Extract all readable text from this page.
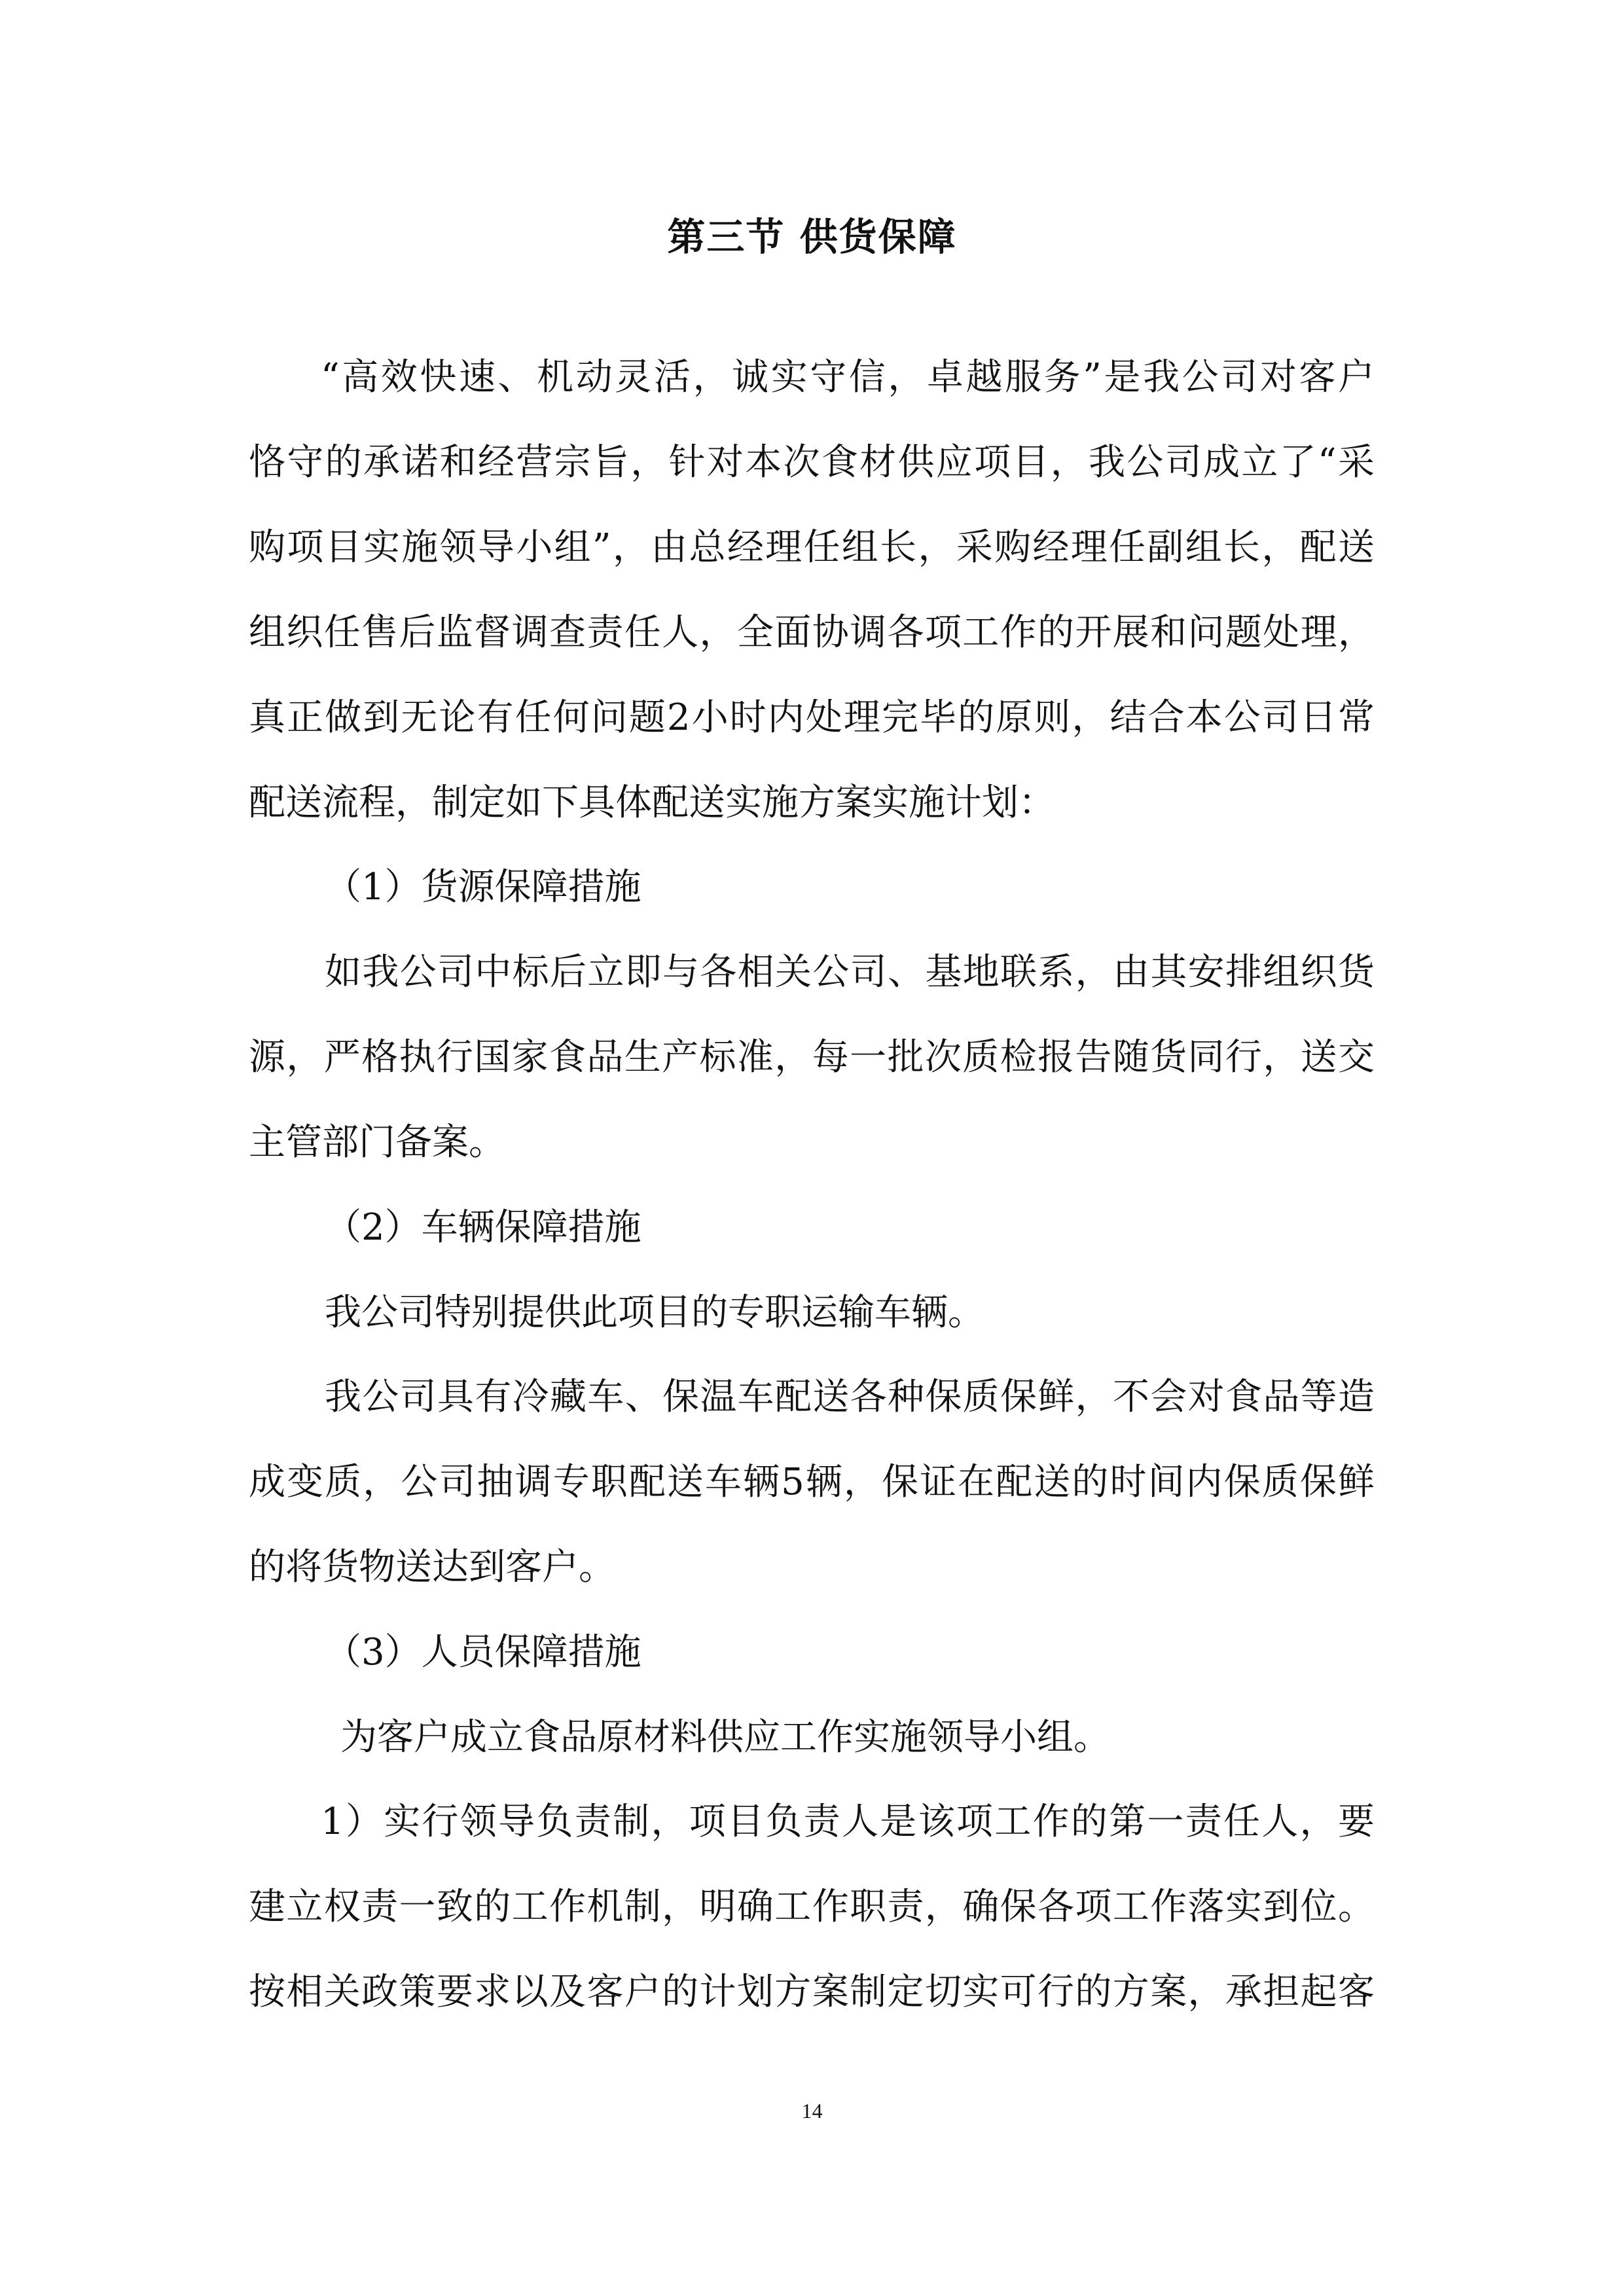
第三节 供货保障
“高效快速、机动灵活，诚实守信，卓越服务”是我公司对客户
恪守的承诺和经营宗旨，针对本次食材供应项目，我公司成立了“采
购项目实施领导小组”，由总经理任组长，采购经理任副组长，配送
组织任售后监督调查责任人，全面协调各项工作的开展和问题处理，
真正做到无论有任何问题2小时内处理完毕的原则，结合本公司日常
配送流程，制定如下具体配送实施方案实施计划：
（1）货源保障措施
如我公司中标后立即与各相关公司、基地联系，由其安排组织货
源，严格执行国家食品生产标准，每一批次质检报告随货同行，送交
主管部门备案。
（2）车辆保障措施
我公司特别提供此项目的专职运输车辆。
我公司具有冷藏车、保温车配送各种保质保鲜，不会对食品等造
成变质，公司抽调专职配送车辆5辆，保证在配送的时间内保质保鲜
的将货物送达到客户。
（3）人员保障措施
为客户成立食品原材料供应工作实施领导小组。
1）实行领导负责制，项目负责人是该项工作的第一责任人，要
建立权责一致的工作机制，明确工作职责，确保各项工作落实到位。
按相关政策要求以及客户的计划方案制定切实可行的方案，承担起客
14
